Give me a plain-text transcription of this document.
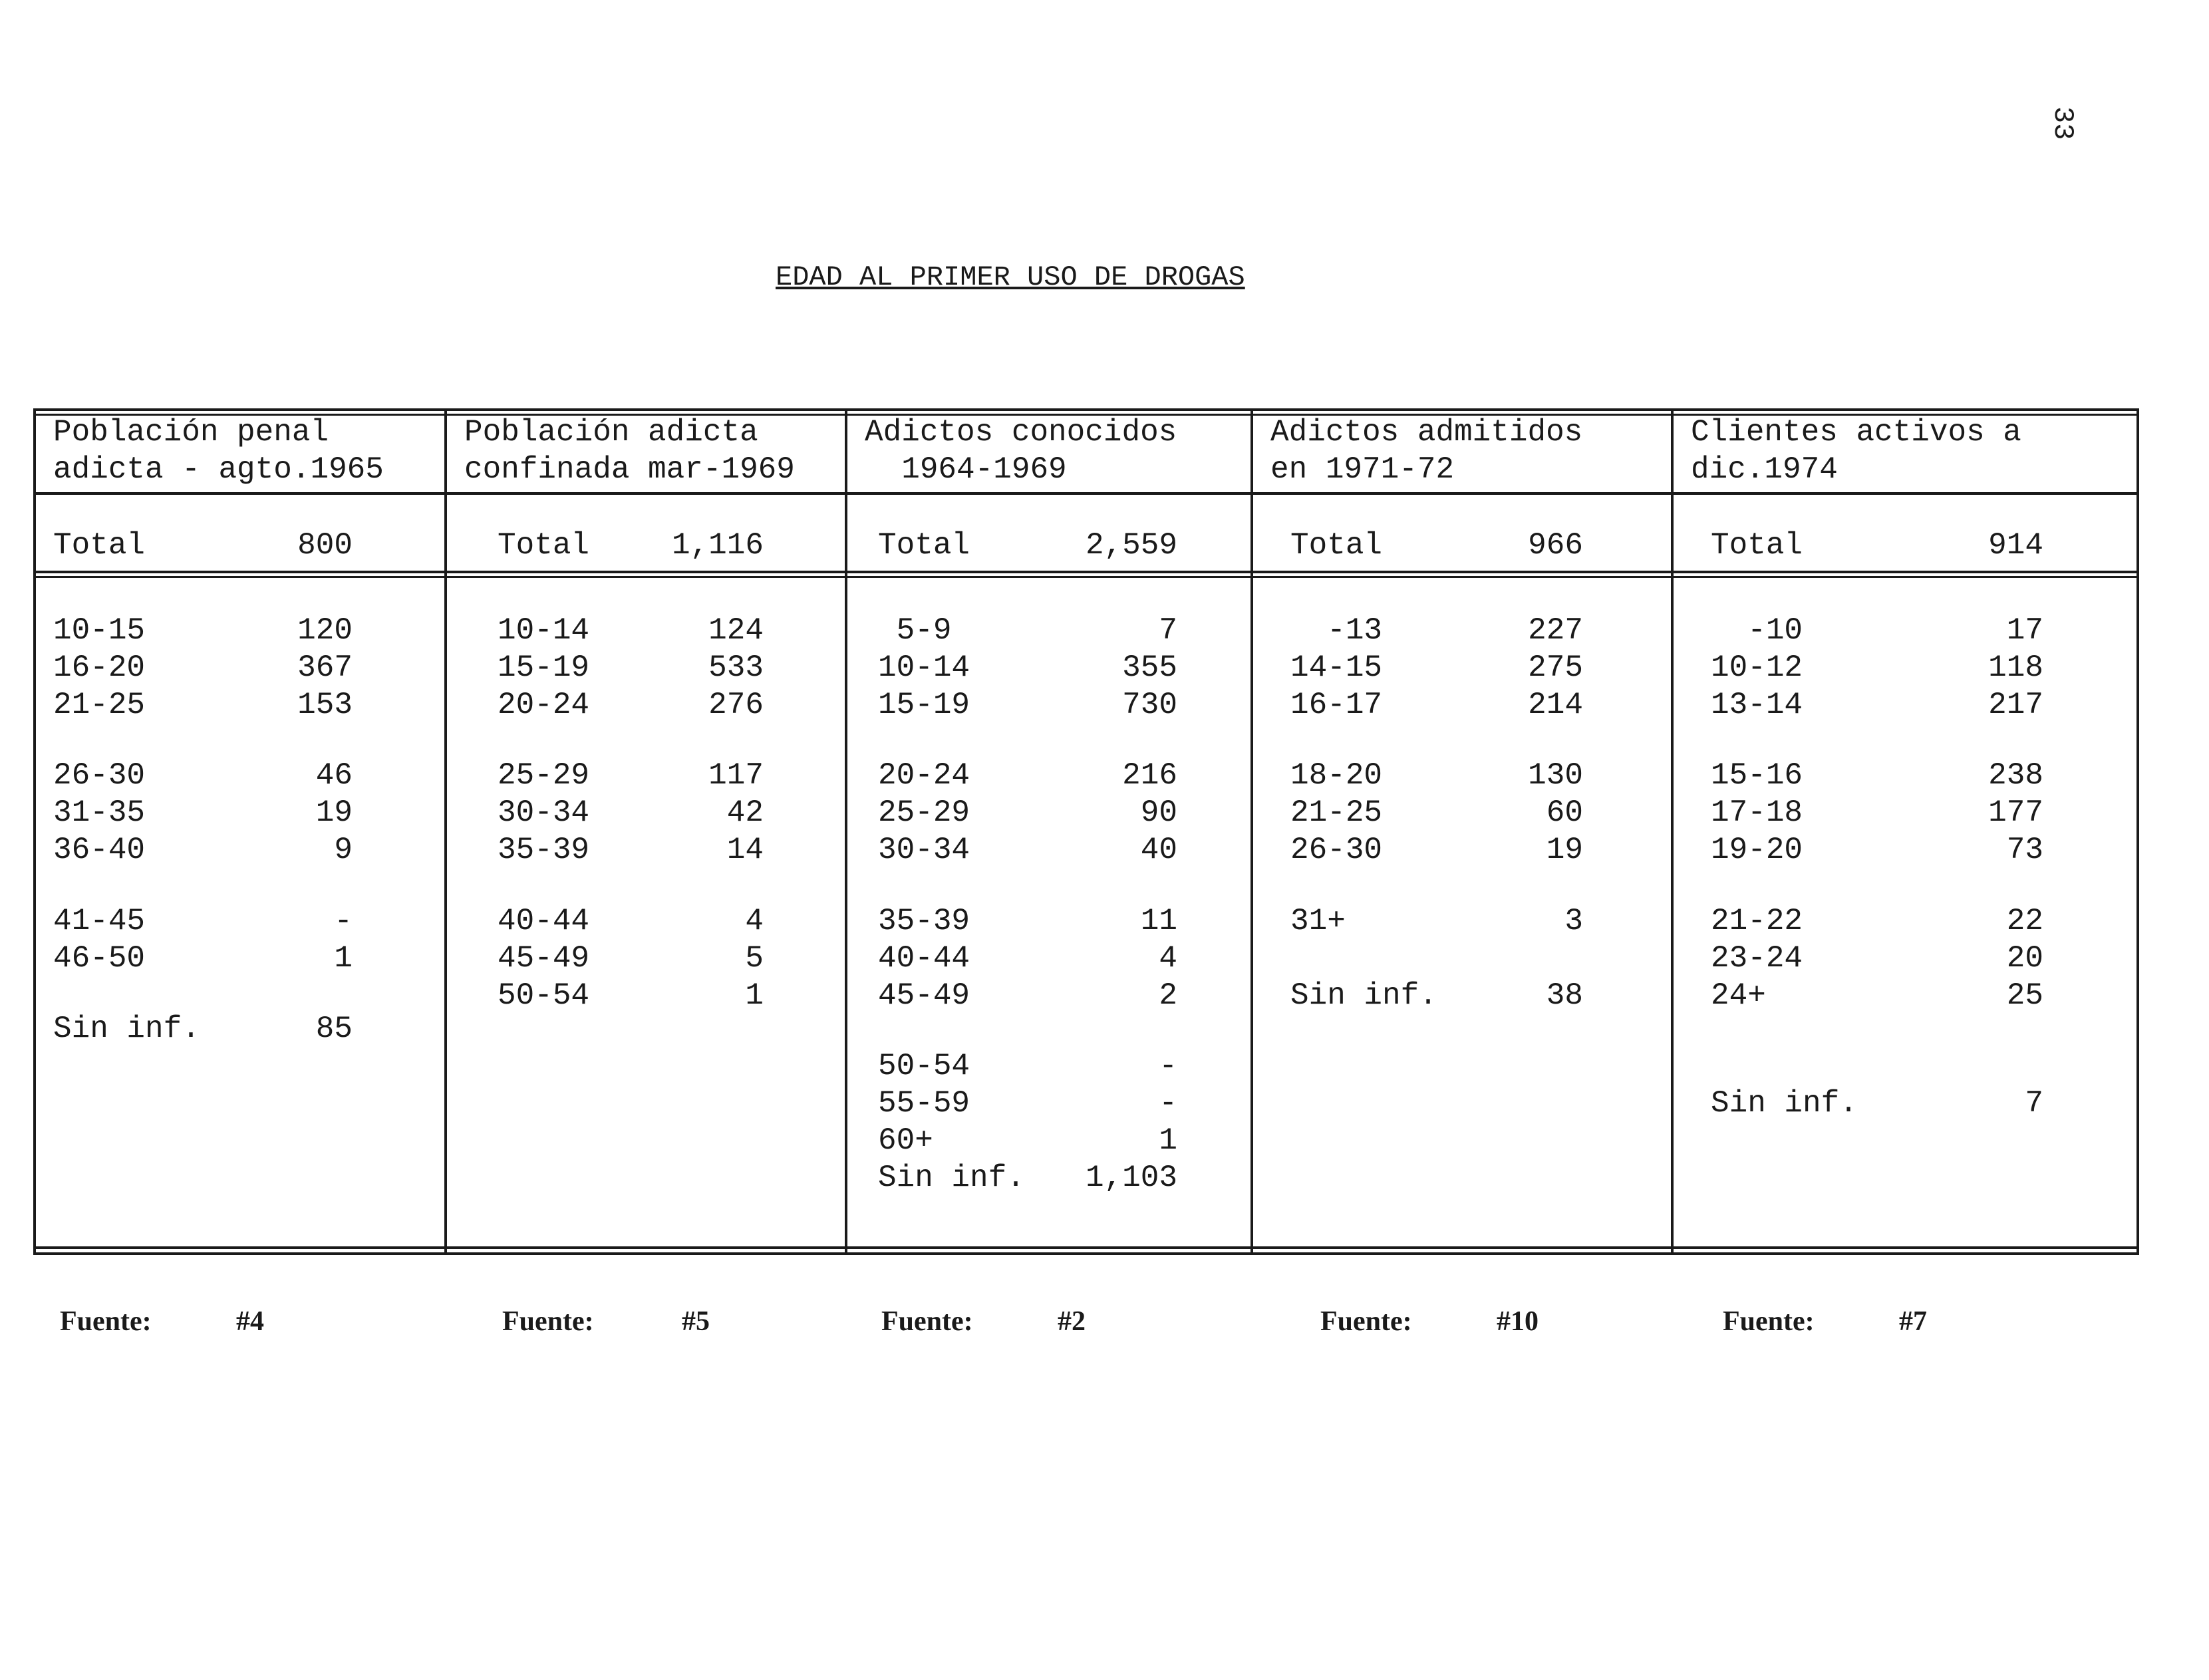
33
EDAD AL PRIMER USO DE DROGAS
Población penal
adicta - agto.1965
Total	800
10-15	120
16-20	367
21-25	153
26-30	46
31-35	19
36-40	9
41-45	-
46-50	1
Sin inf.	85
Población adicta
confinada mar-1969
Total	1,116
10-14	124
15-19	533
20-24	276
25-29	117
30-34	42
35-39	14
40-44	4
45-49	5
50-54	1
Adictos conocidos
1964-1969
Total	2,559
5-9	7
10-14	355
15-19	730
20-24	216
25-29	90
30-34	40
35-39	11
40-44	4
45-49	2
50-54	-
55-59	-
60+	1
Sin inf. 1,103
Adictos admitidos
en 1971-72
Total	966
-13	227
14-15	275
16-17	214
18-20	130
21-25	60
26-30	19
31+	3
Sin inf.	38
Clientes activos a
dic.1974
Total	914
-10	17
10-12	118
13-14	217
15-16	238
17-18	177
19-20	73
21-22	22
23-24	20
24+	25
Sin inf.	7
Fuente:	#4	Fuente:	#5	Fuente:	#2	Fuente:	#10	Fuente:	#7
